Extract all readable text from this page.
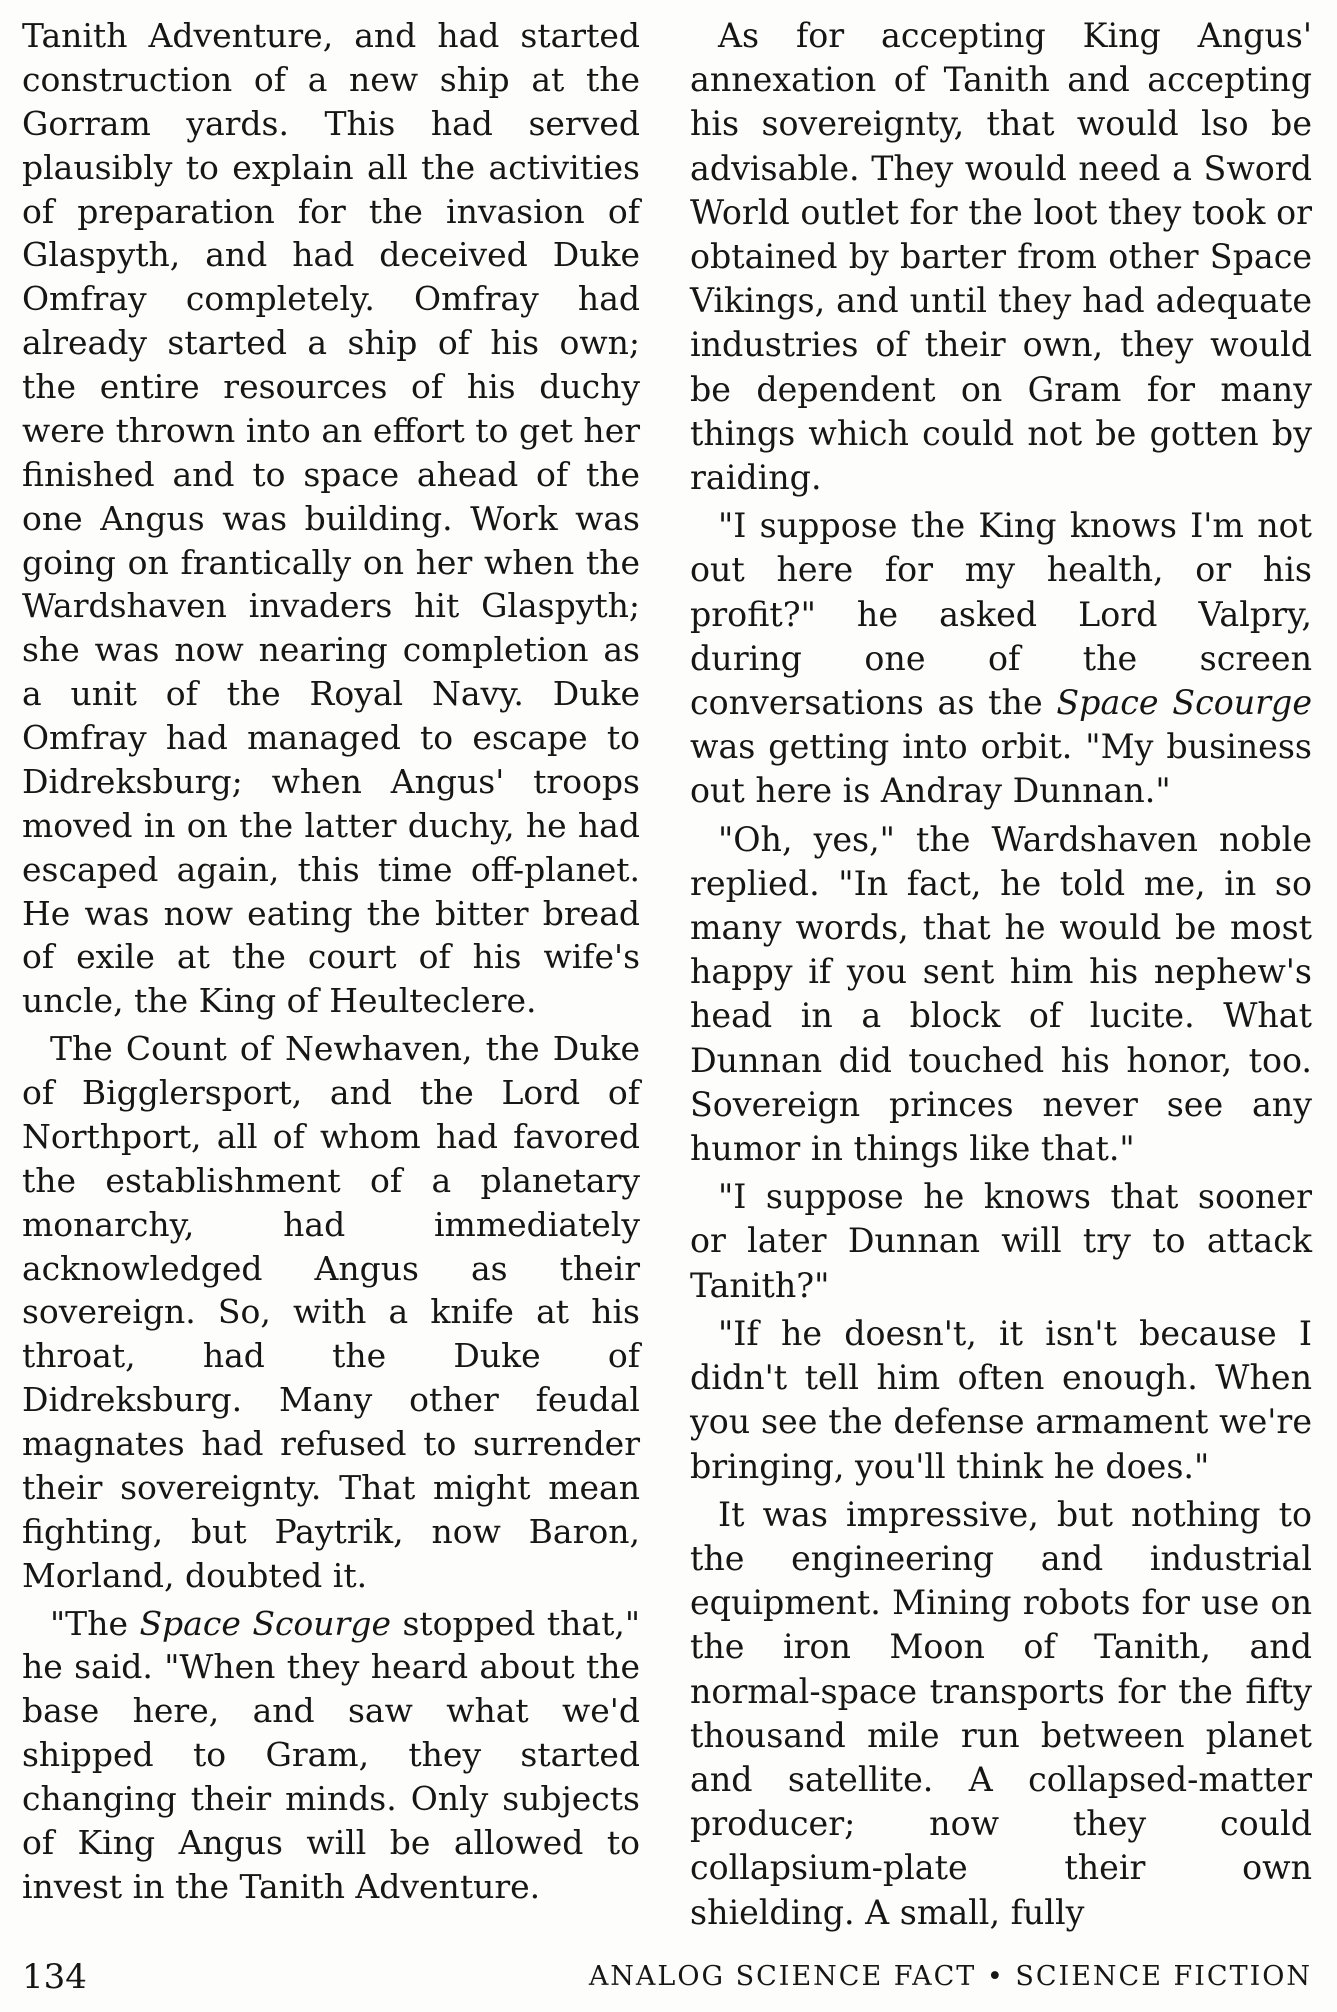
Tanith Adventure, and had started construction of a new ship at the Gorram yards. This had served plausibly to explain all the activities of preparation for the invasion of Glaspyth, and had deceived Duke Omfray completely. Omfray had already started a ship of his own; the entire resources of his duchy were thrown into an effort to get her finished and to space ahead of the one Angus was building. Work was going on frantically on her when the Wardshaven invaders hit Glaspyth; she was now nearing completion as a unit of the Royal Navy. Duke Omfray had managed to escape to Didreksburg; when Angus' troops moved in on the latter duchy, he had escaped again, this time off-planet. He was now eating the bitter bread of exile at the court of his wife's uncle, the King of Heulteclere.

The Count of Newhaven, the Duke of Bigglersport, and the Lord of Northport, all of whom had favored the establishment of a planetary monarchy, had immediately acknowledged Angus as their sovereign. So, with a knife at his throat, had the Duke of Didreksburg. Many other feudal magnates had refused to surrender their sovereignty. That might mean fighting, but Paytrik, now Baron, Morland, doubted it.

"The Space Scourge stopped that," he said. "When they heard about the base here, and saw what we'd shipped to Gram, they started changing their minds. Only subjects of King Angus will be allowed to invest in the Tanith Adventure.

As for accepting King Angus' annexation of Tanith and accepting his sovereignty, that would lso be advisable. They would need a Sword World outlet for the loot they took or obtained by barter from other Space Vikings, and until they had adequate industries of their own, they would be dependent on Gram for many things which could not be gotten by raiding.

"I suppose the King knows I'm not out here for my health, or his profit?" he asked Lord Valpry, during one of the screen conversations as the Space Scourge was getting into orbit. "My business out here is Andray Dunnan."

"Oh, yes," the Wardshaven noble replied. "In fact, he told me, in so many words, that he would be most happy if you sent him his nephew's head in a block of lucite. What Dunnan did touched his honor, too. Sovereign princes never see any humor in things like that."

"I suppose he knows that sooner or later Dunnan will try to attack Tanith?"

"If he doesn't, it isn't because I didn't tell him often enough. When you see the defense armament we're bringing, you'll think he does."

It was impressive, but nothing to the engineering and industrial equipment. Mining robots for use on the iron Moon of Tanith, and normal-space transports for the fifty thousand mile run between planet and satellite. A collapsed-matter producer; now they could collapsium-plate their own shielding. A small, fully

134	ANALOG SCIENCE FACT • SCIENCE FICTION
